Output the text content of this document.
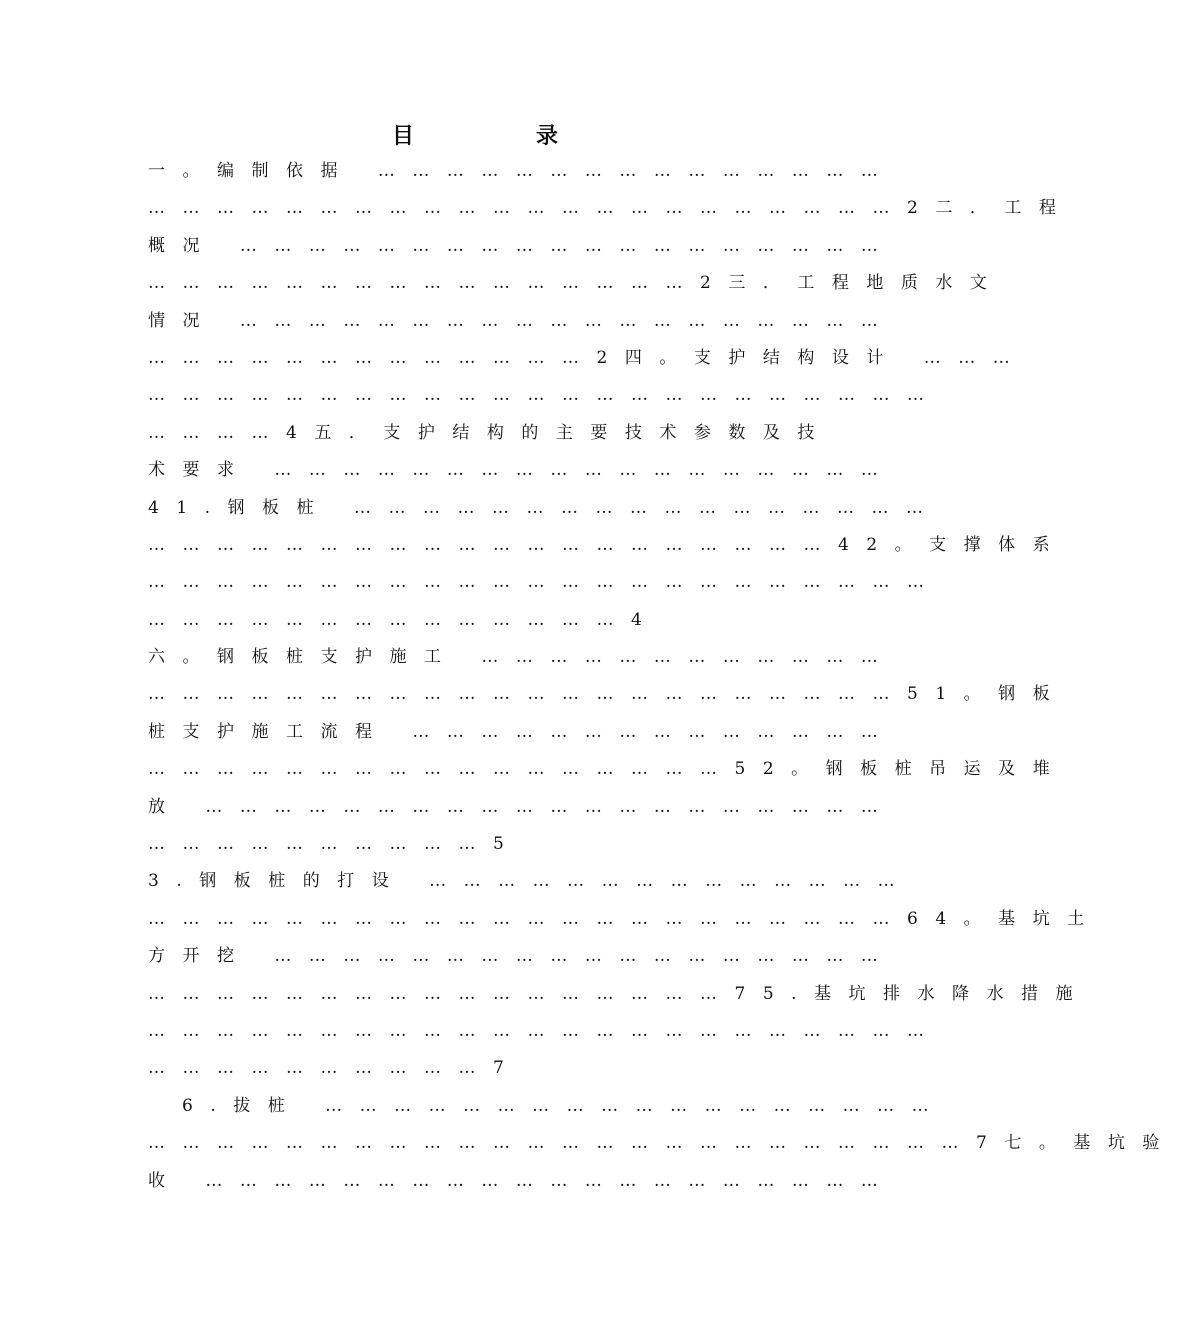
目　录
一。编制依据 ………………………………………
…………………………………………………………2二．工程
概况 …………………………………………………
…………………………………………2三．工程地质水文
情况 …………………………………………………
…………………………………2四。支护结构设计 ………
……………………………………………………………
…………4五．支护结构的主要技术参数及技
术要求 ………………………………………………
41.钢板桩 ……………………………………………
……………………………………………………42。支撑体系
……………………………………………………………
……………………………………4
六。钢板桩支护施工 ………………………………
…………………………………………………………51。钢板
桩支护施工流程 ……………………………………
……………………………………………52。钢板桩吊运及堆
放 ……………………………………………………
…………………………5
3.钢板桩的打设 ……………………………………
…………………………………………………………64。基坑土
方开挖 ………………………………………………
……………………………………………75.基坑排水降水措施
……………………………………………………………
…………………………7
6.拔桩 ………………………………………………
………………………………………………………………7七。基坑验
收 ……………………………………………………
